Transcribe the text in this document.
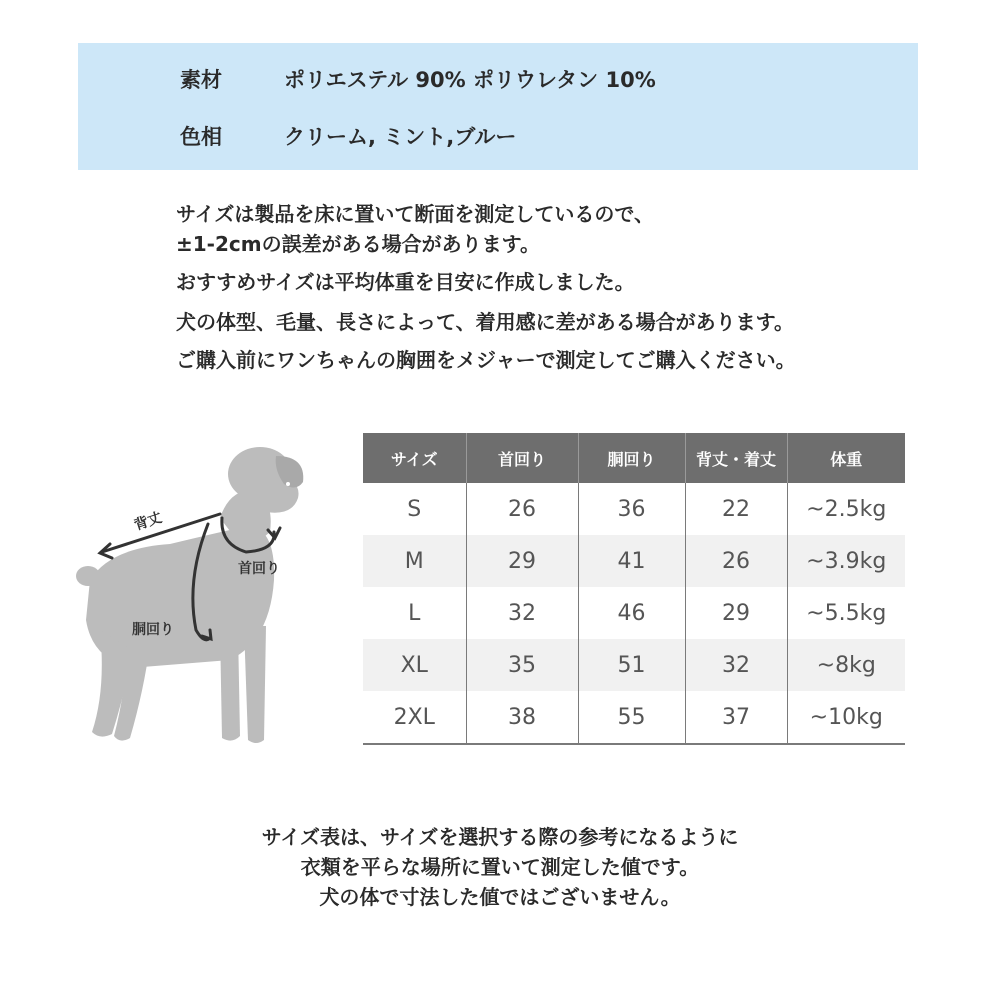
素材	ポリエステル 90% ポリウレタン 10%
色相	クリーム, ミント,ブルー
サイズは製品を床に置いて断面を測定しているので、
±1-2cmの誤差がある場合があります。
おすすめサイズは平均体重を目安に作成しました。
犬の体型、毛量、長さによって、着用感に差がある場合があります。
ご購入前にワンちゃんの胸囲をメジャーで測定してご購入ください。
背丈
首回り
胴回り
サイズ	首回り	胴回り	背丈・着丈	体重
S	26	36	22	~2.5kg
M	29	41	26	~3.9kg
L	32	46	29	~5.5kg
XL	35	51	32	~8kg
2XL	38	55	37	~10kg
サイズ表は、サイズを選択する際の参考になるように
衣類を平らな場所に置いて測定した値です。
犬の体で寸法した値ではございません。
